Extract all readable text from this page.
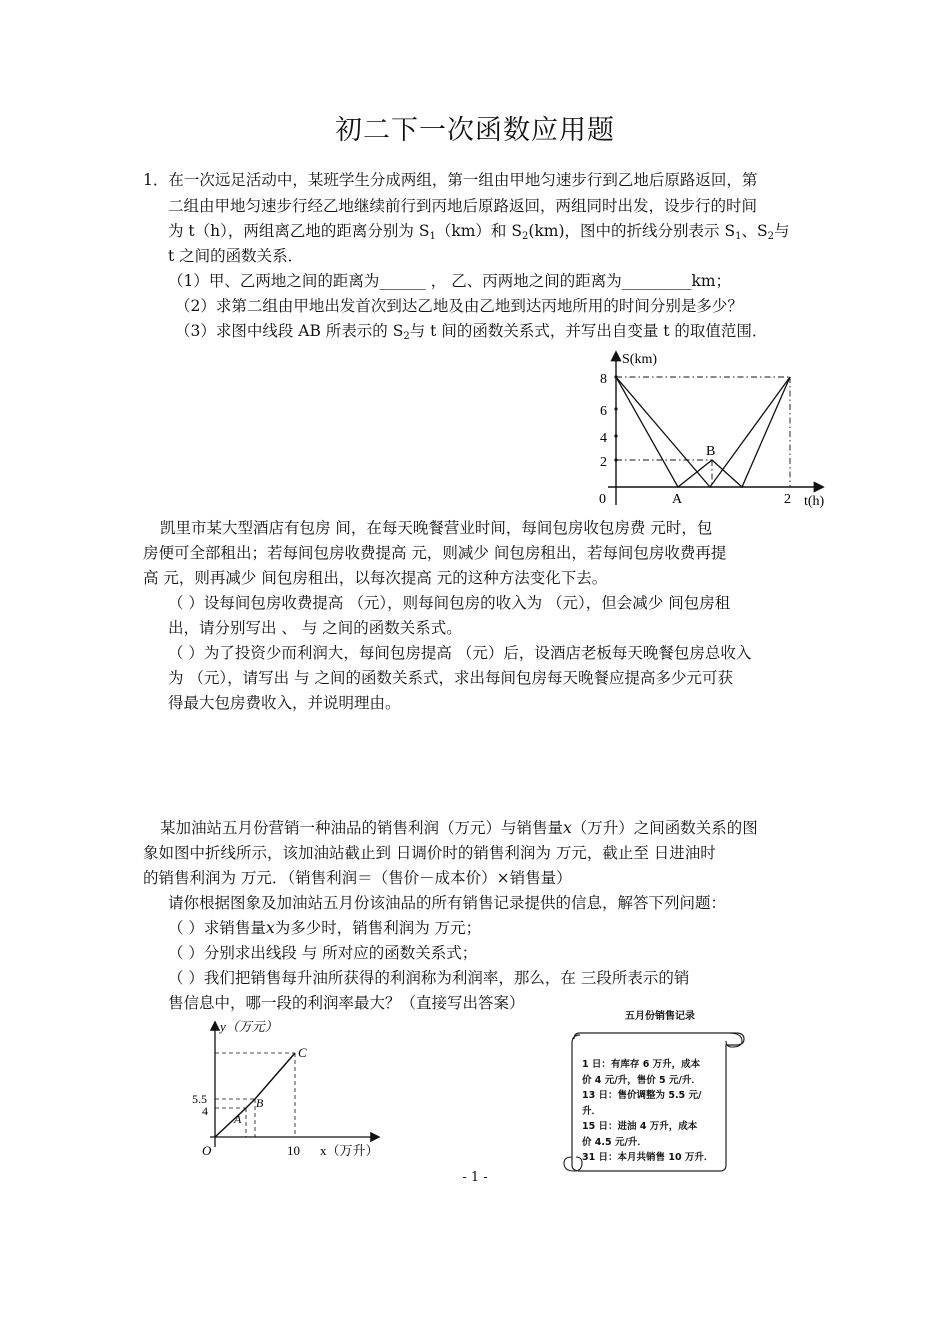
初二下一次函数应用题
1．在一次远足活动中，某班学生分成两组，第一组由甲地匀速步行到乙地后原路返回，第
二组由甲地匀速步行经乙地继续前行到丙地后原路返回，两组同时出发，设步行的时间
为 t（h），两组离乙地的距离分别为 $S_1(km)$和 $S_2(km)$，图中的折线分别表示 $S_1$、$S_2$与
t 之间的函数关系．
（1）甲、乙两地之间的距离为______ ， 乙、丙两地之间的距离为_________km；
（2）求第二组由甲地出发首次到达乙地及由乙地到达丙地所用的时间分别是多少？
（3）求图中线段 AB 所表示的 $S_2$与 t 间的函数关系式，并写出自变量 t 的取值范围．
S(km)
8
6
4
2
0	A	2 t(h)
B
凯里市某大型酒店有包房 间，在每天晚餐营业时间，每间包房收包房费 元时，包
房便可全部租出；若每间包房收费提高 元，则减少 间包房租出，若每间包房收费再提
高 元，则再减少 间包房租出，以每次提高 元的这种方法变化下去。
（ ）设每间包房收费提高 （元），则每间包房的收入为 （元），但会减少 间包房租
出，请分别写出 、 与 之间的函数关系式。
（ ）为了投资少而利润大，每间包房提高 （元）后，设酒店老板每天晚餐包房总收入
为 （元），请写出 与 之间的函数关系式，求出每间包房每天晚餐应提高多少元可获
得最大包房费收入，并说明理由。
某加油站五月份营销一种油品的销售利润（万元）与销售量x（万升）之间函数关系的图
象如图中折线所示，该加油站截止到 日调价时的销售利润为 万元，截止至 日进油时
的销售利润为 万元．（销售利润＝（售价－成本价）×销售量）
请你根据图象及加油站五月份该油品的所有销售记录提供的信息，解答下列问题：
（ ）求销售量x为多少时，销售利润为 万元；
（ ）分别求出线段 与 所对应的函数关系式；
（ ）我们把销售每升油所获得的利润称为利润率，那么，在 三段所表示的销
售信息中，哪一段的利润率最大？（直接写出答案）
y（万元）
5.5
4
10 x（万升）
O
A
B
C
五月份销售记录
1 日：有库存 6 万升，成本
价 4 元/升，售价 5 元/升．
13 日：售价调整为 5.5 元/
升．
15 日：进油 4 万升，成本
价 4.5 元/升．
31 日：本月共销售 10 万升．
- 1 -
